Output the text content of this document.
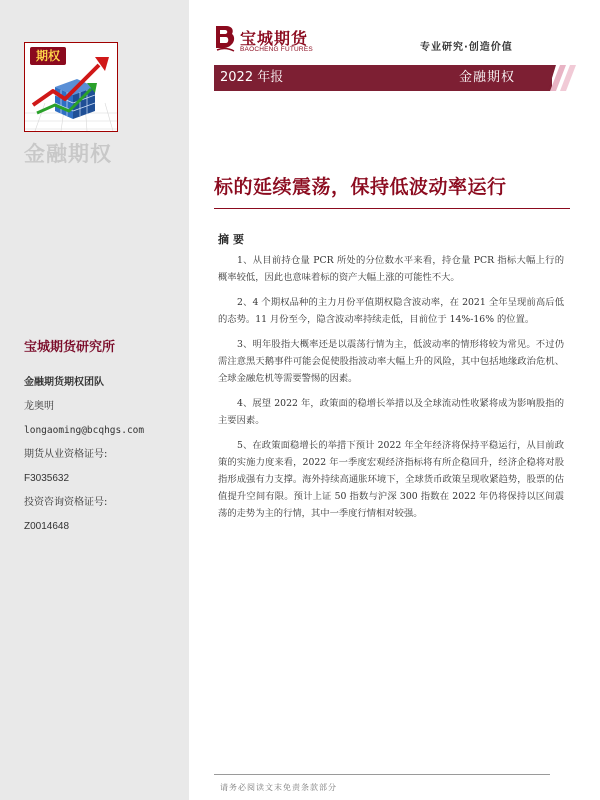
期权
金融期权
宝城期货研究所
金融期货期权团队
龙奥明
longaoming@bcqhgs.com
期货从业资格证号:
F3035632
投资咨询资格证号:
Z0014648
宝城期货
BAOCHENG FUTURES	专业研究·创造价值
2022 年报	金融期权
标的延续震荡，保持低波动率运行
摘要

1、从目前持仓量 PCR 所处的分位数水平来看，持仓量 PCR 指标大幅上行的概率较低，因此也意味着标的资产大幅上涨的可能性不大。

2、4 个期权品种的主力月份平值期权隐含波动率，在 2021 全年呈现前高后低的态势。11 月份至今，隐含波动率持续走低，目前位于 14%-16% 的位置。

3、明年股指大概率还是以震荡行情为主，低波动率的情形将较为常见。不过仍需注意黑天鹅事件可能会促使股指波动率大幅上升的风险，其中包括地缘政治危机、全球金融危机等需要警惕的因素。

4、展望 2022 年，政策面的稳增长举措以及全球流动性收紧将成为影响股指的主要因素。

5、在政策面稳增长的举措下预计 2022 年全年经济将保持平稳运行，从目前政策的实施力度来看，2022 年一季度宏观经济指标将有所企稳回升，经济企稳将对股指形成强有力支撑。海外持续高通胀环境下，全球货币政策呈现收紧趋势，股票的估值提升空间有限。预计上证 50 指数与沪深 300 指数在 2022 年仍将保持以区间震荡的走势为主的行情，其中一季度行情相对较强。

请务必阅读文末免责条款部分
